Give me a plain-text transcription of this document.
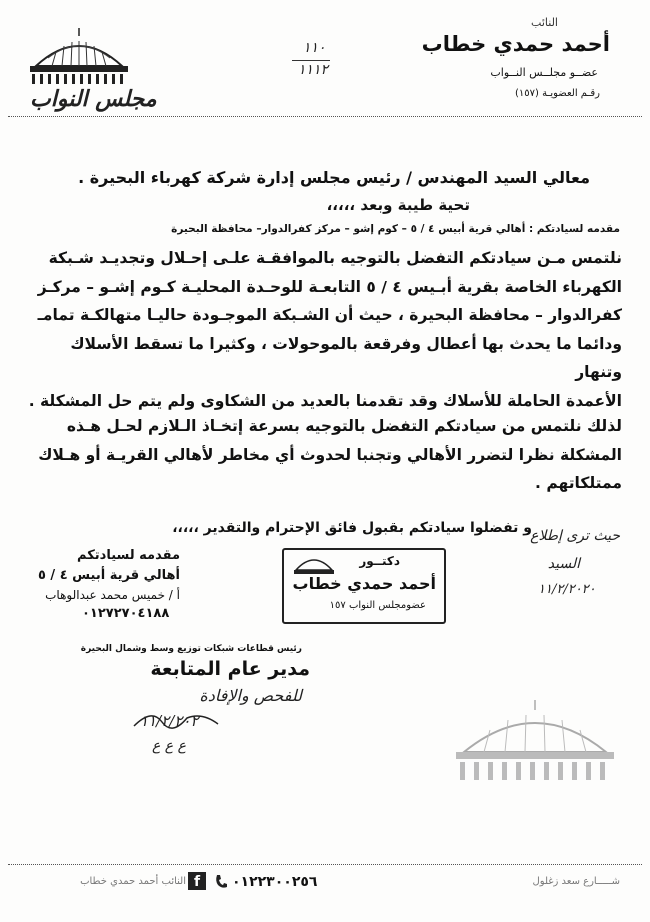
النائب
أحمد حمدي خطاب
عضــو مجلــس النــواب
رقـم العضويـة (١٥٧)
مجلس النواب
١١٠
١١١٢
معالي السيد المهندس / رئيس مجلس إدارة شركة كهرباء البحيرة .
تحية طيبة وبعد ،،،،،
مقدمه لسيادتكم : أهالي قرية أبيس ٤ / ٥ – كوم إشو – مركز كفرالدوار– محافظة البحيرة
نلتمس مـن سيادتكم التفضل بالتوجيه بالموافقـة علـى إحـلال وتجديـد شـبكة
الكهرباء الخاصة بقرية أبـيس ٤ / ٥ التابعـة للوحـدة المحليـة كـوم إشـو – مركـز
كفرالدوار – محافظة البحيرة ، حيث أن الشـبكة الموجـودة حاليـا متهالكـة تمامـ
ودائما ما يحدث بها أعطال وفرقعة بالموحولات ، وكثيرا ما تسقط الأسلاك وتنهار
الأعمدة الحاملة للأسلاك وقد تقدمنا بالعديد من الشكاوى ولم يتم حل المشكلة .
لذلك نلتمس من سيادتكم التفضل بالتوجيه بسرعة إتخـاذ الـلازم لحـل هـذه
المشكلة نظرا لتضرر الأهالي وتجنبا لحدوث أي مخاطر لأهالي القريـة أو هـلاك
ممتلكاتهم .
و تفضلوا سيادتكم بقبول فائق الإحترام والتقدير ،،،،،
مقدمه لسيادتكم
أهالي قرية أبيس ٤ / ٥
أ / خميس محمد عبدالوهاب
٠١٢٧٢٧٠٤١٨٨
دكتــور
أحمد حمدي خطاب
عضومجلس النواب ١٥٧
رئيس قطاعات شبكات توزيع وسط وشمال البحيرة
مدير عام المتابعة
للفحص والإفادة
١١/٢/٢٠٢
ع ع ع
حيث ترى إطلاع
السيد
١١/٢/٢٠٢٠
النائب أحمد حمدي خطاب f	٠١٢٢٣٠٠٢٥٦	شـــــارع سعد زغلول
